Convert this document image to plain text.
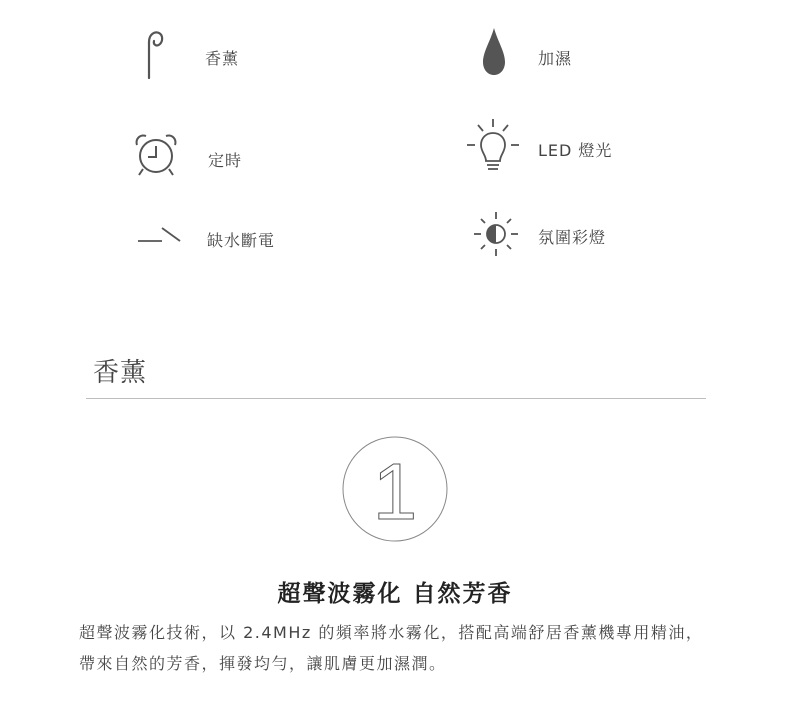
香薰	加濕
定時
LED 燈光
缺水斷電	氛圍彩燈
香薰
1
超聲波霧化 自然芳香

超聲波霧化技術，以 2.4MHz 的頻率將水霧化，搭配高端舒居香薰機專用精油，

帶來自然的芳香，揮發均勻，讓肌膚更加濕潤。
